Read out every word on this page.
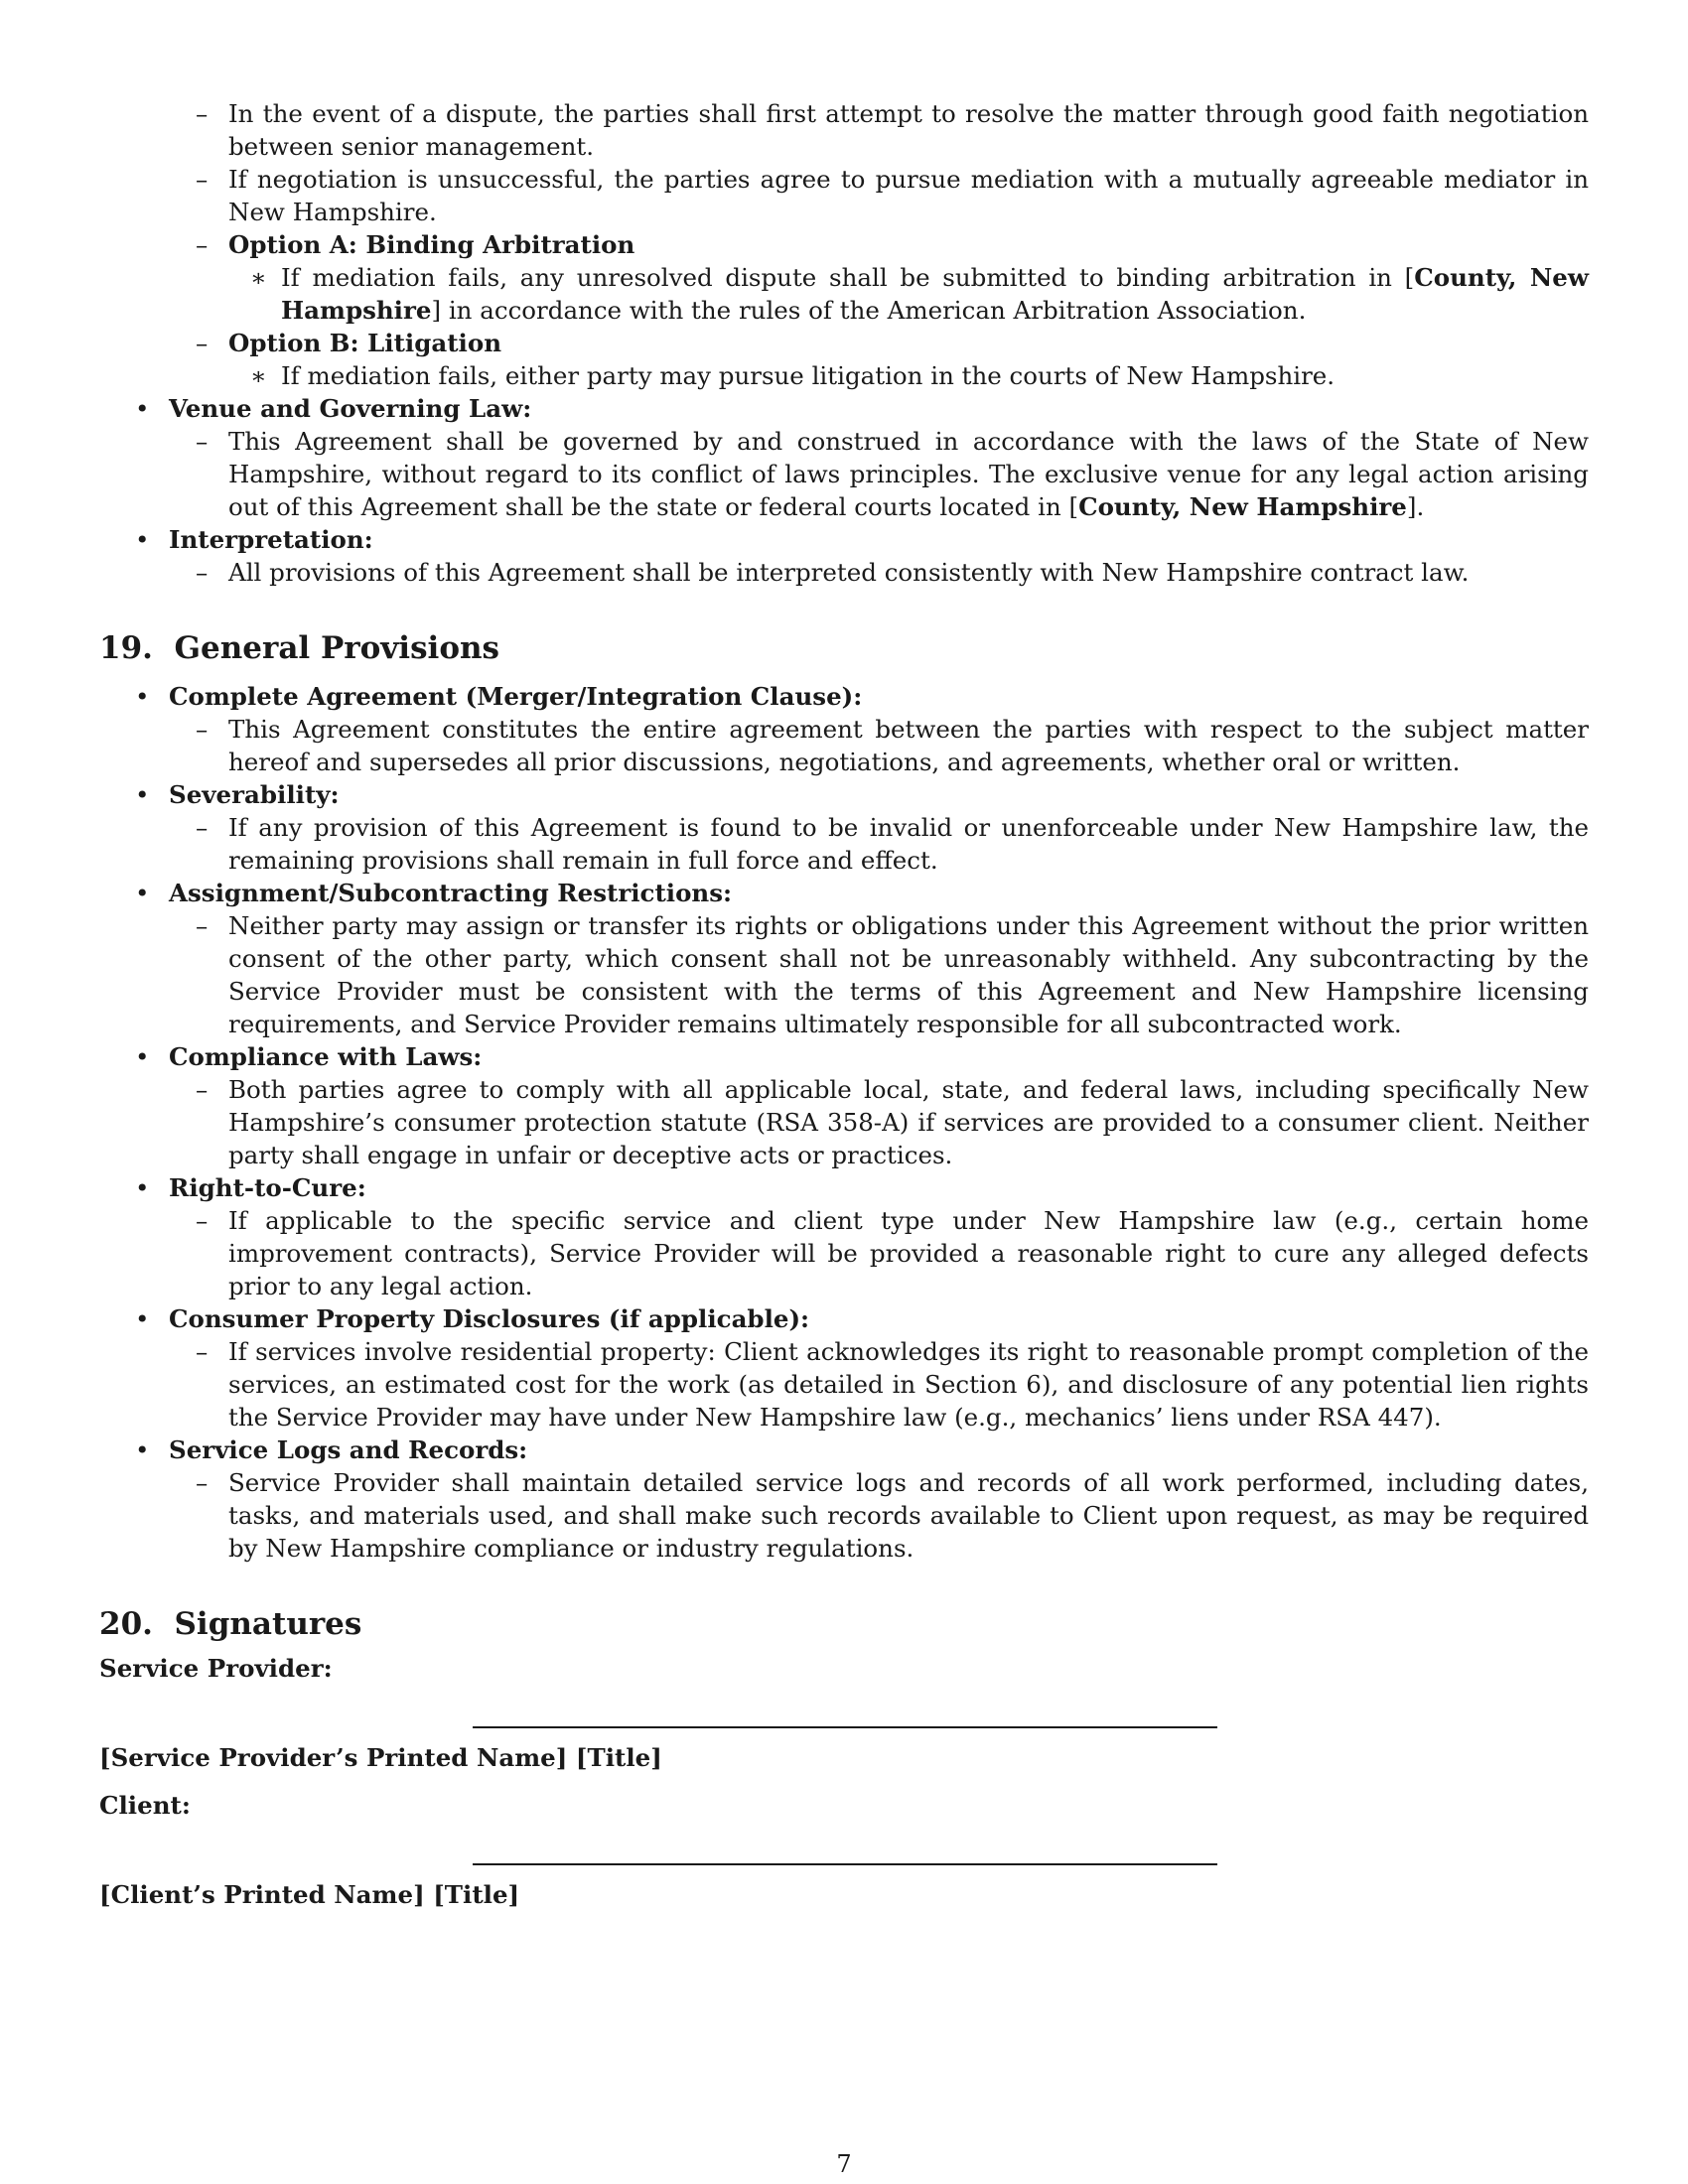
– In the event of a dispute, the parties shall first attempt to resolve the matter through good faith negotiation between senior management.
– If negotiation is unsuccessful, the parties agree to pursue mediation with a mutually agreeable mediator in New Hampshire.
– Option A: Binding Arbitration
∗ If mediation fails, any unresolved dispute shall be submitted to binding arbitration in [County, New Hampshire] in accordance with the rules of the American Arbitration Association.
– Option B: Litigation
∗ If mediation fails, either party may pursue litigation in the courts of New Hampshire.
• Venue and Governing Law:
– This Agreement shall be governed by and construed in accordance with the laws of the State of New Hampshire, without regard to its conflict of laws principles. The exclusive venue for any legal action arising out of this Agreement shall be the state or federal courts located in [County, New Hampshire].
• Interpretation:
– All provisions of this Agreement shall be interpreted consistently with New Hampshire contract law.
19. General Provisions
• Complete Agreement (Merger/Integration Clause):
– This Agreement constitutes the entire agreement between the parties with respect to the subject matter hereof and supersedes all prior discussions, negotiations, and agreements, whether oral or written.
• Severability:
– If any provision of this Agreement is found to be invalid or unenforceable under New Hampshire law, the remaining provisions shall remain in full force and effect.
• Assignment/Subcontracting Restrictions:
– Neither party may assign or transfer its rights or obligations under this Agreement without the prior written consent of the other party, which consent shall not be unreasonably withheld. Any subcontracting by the Service Provider must be consistent with the terms of this Agreement and New Hampshire licensing requirements, and Service Provider remains ultimately responsible for all subcontracted work.
• Compliance with Laws:
– Both parties agree to comply with all applicable local, state, and federal laws, including specifically New Hampshire’s consumer protection statute (RSA 358-A) if services are provided to a consumer client. Neither party shall engage in unfair or deceptive acts or practices.
• Right-to-Cure:
– If applicable to the specific service and client type under New Hampshire law (e.g., certain home improvement contracts), Service Provider will be provided a reasonable right to cure any alleged defects prior to any legal action.
• Consumer Property Disclosures (if applicable):
– If services involve residential property: Client acknowledges its right to reasonable prompt completion of the services, an estimated cost for the work (as detailed in Section 6), and disclosure of any potential lien rights the Service Provider may have under New Hampshire law (e.g., mechanics’ liens under RSA 447).
• Service Logs and Records:
– Service Provider shall maintain detailed service logs and records of all work performed, including dates, tasks, and materials used, and shall make such records available to Client upon request, as may be required by New Hampshire compliance or industry regulations.
20. Signatures
Service Provider:
[Service Provider’s Printed Name] [Title]
Client:
[Client’s Printed Name] [Title]
7
